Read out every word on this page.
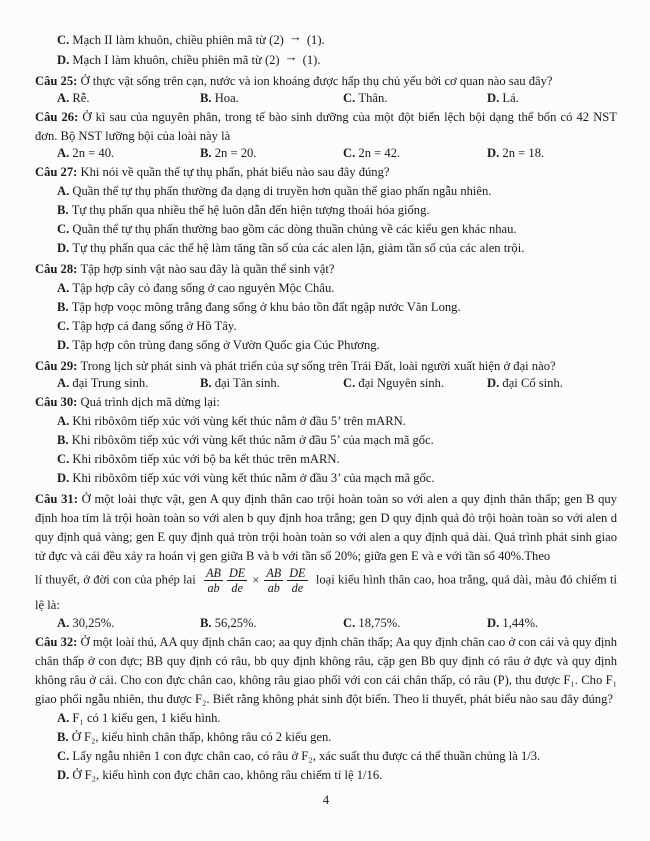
C. Mạch II làm khuôn, chiều phiên mã từ (2) → (1).

D. Mạch I làm khuôn, chiều phiên mã từ (2) → (1).

Câu 25: Ở thực vật sống trên cạn, nước và ion khoáng được hấp thụ chủ yếu bởi cơ quan nào sau đây?

A. Rễ.	B. Hoa.	C. Thân.	D. Lá.

Câu 26: Ở kì sau của nguyên phân, trong tế bào sinh dưỡng của một đột biến lệch bội dạng thể bốn có 42 NST đơn. Bộ NST lưỡng bội của loài này là

A. 2n = 40.	B. 2n = 20.	C. 2n = 42.	D. 2n = 18.

Câu 27: Khi nói về quần thể tự thụ phấn, phát biểu nào sau đây đúng?

A. Quần thể tự thụ phấn thường đa dạng di truyền hơn quần thể giao phấn ngẫu nhiên.

B. Tự thụ phấn qua nhiều thế hệ luôn dẫn đến hiện tượng thoái hóa giống.

C. Quần thể tự thụ phấn thường bao gồm các dòng thuần chủng về các kiểu gen khác nhau.

D. Tự thụ phấn qua các thế hệ làm tăng tần số của các alen lặn, giảm tần số của các alen trội.

Câu 28: Tập hợp sinh vật nào sau đây là quần thể sinh vật?

A. Tập hợp cây cỏ đang sống ở cao nguyên Mộc Châu.

B. Tập hợp voọc mông trắng đang sống ở khu bảo tồn đất ngập nước Văn Long.

C. Tập hợp cá đang sống ở Hồ Tây.

D. Tập hợp côn trùng đang sống ở Vườn Quốc gia Cúc Phương.

Câu 29: Trong lịch sử phát sinh và phát triển của sự sống trên Trái Đất, loài người xuất hiện ở đại nào?

A. đại Trung sinh.	B. đại Tân sinh.	C. đại Nguyên sinh.	D. đại Cổ sinh.

Câu 30: Quá trình dịch mã dừng lại:

A. Khi ribôxôm tiếp xúc với vùng kết thúc nằm ở đầu 5’ trên mARN.

B. Khi ribôxôm tiếp xúc với vùng kết thúc nằm ở đầu 5’ của mạch mã gốc.

C. Khi ribôxôm tiếp xúc với bộ ba kết thúc trên mARN.

D. Khi ribôxôm tiếp xúc với vùng kết thúc nằm ở đầu 3’ của mạch mã gốc.

Câu 31: Ở một loài thực vật, gen A quy định thân cao trội hoàn toàn so với alen a quy định thân thấp; gen B quy định hoa tím là trội hoàn toàn so với alen b quy định hoa trắng; gen D quy định quả đỏ trội hoàn toàn so với alen d quy định quả vàng; gen E quy định quả tròn trội hoàn toàn so với alen a quy định quả dài. Quá trình phát sinh giao tử đực và cái đều xảy ra hoán vị gen giữa B và b với tần số 20%; giữa gen E và e với tần số 40%.Theo

lí thuyết, ở đời con của phép lai $\frac{AB}{ab} \frac{DE}{de} \times \frac{AB}{ab} \frac{DE}{de}$ loại kiểu hình thân cao, hoa trắng, quả dài, màu đỏ chiếm tỉ lệ là:

A. 30,25%.	B. 56,25%.	C. 18,75%.	D. 1,44%.

Câu 32: Ở một loài thú, AA quy định chân cao; aa quy định chân thấp; Aa quy định chân cao ở con cái và quy định chân thấp ở con đực; BB quy định có râu, bb quy định không râu, cặp gen Bb quy định có râu ở đực và quy định không râu ở cái. Cho con đực chân cao, không râu giao phối với con cái chân thấp, có râu (P), thu được F₁. Cho F₁ giao phối ngẫu nhiên, thu được F₂. Biết rằng không phát sinh đột biến. Theo lí thuyết, phát biểu nào sau đây đúng?

A. F₁ có 1 kiểu gen, 1 kiểu hình.

B. Ở F₂, kiểu hình chân thấp, không râu có 2 kiểu gen.

C. Lấy ngẫu nhiên 1 con đực chân cao, có râu ở F₂, xác suất thu được cá thể thuần chủng là 1/3.

D. Ở F₂, kiểu hình con đực chân cao, không râu chiếm tỉ lệ 1/16.

4
